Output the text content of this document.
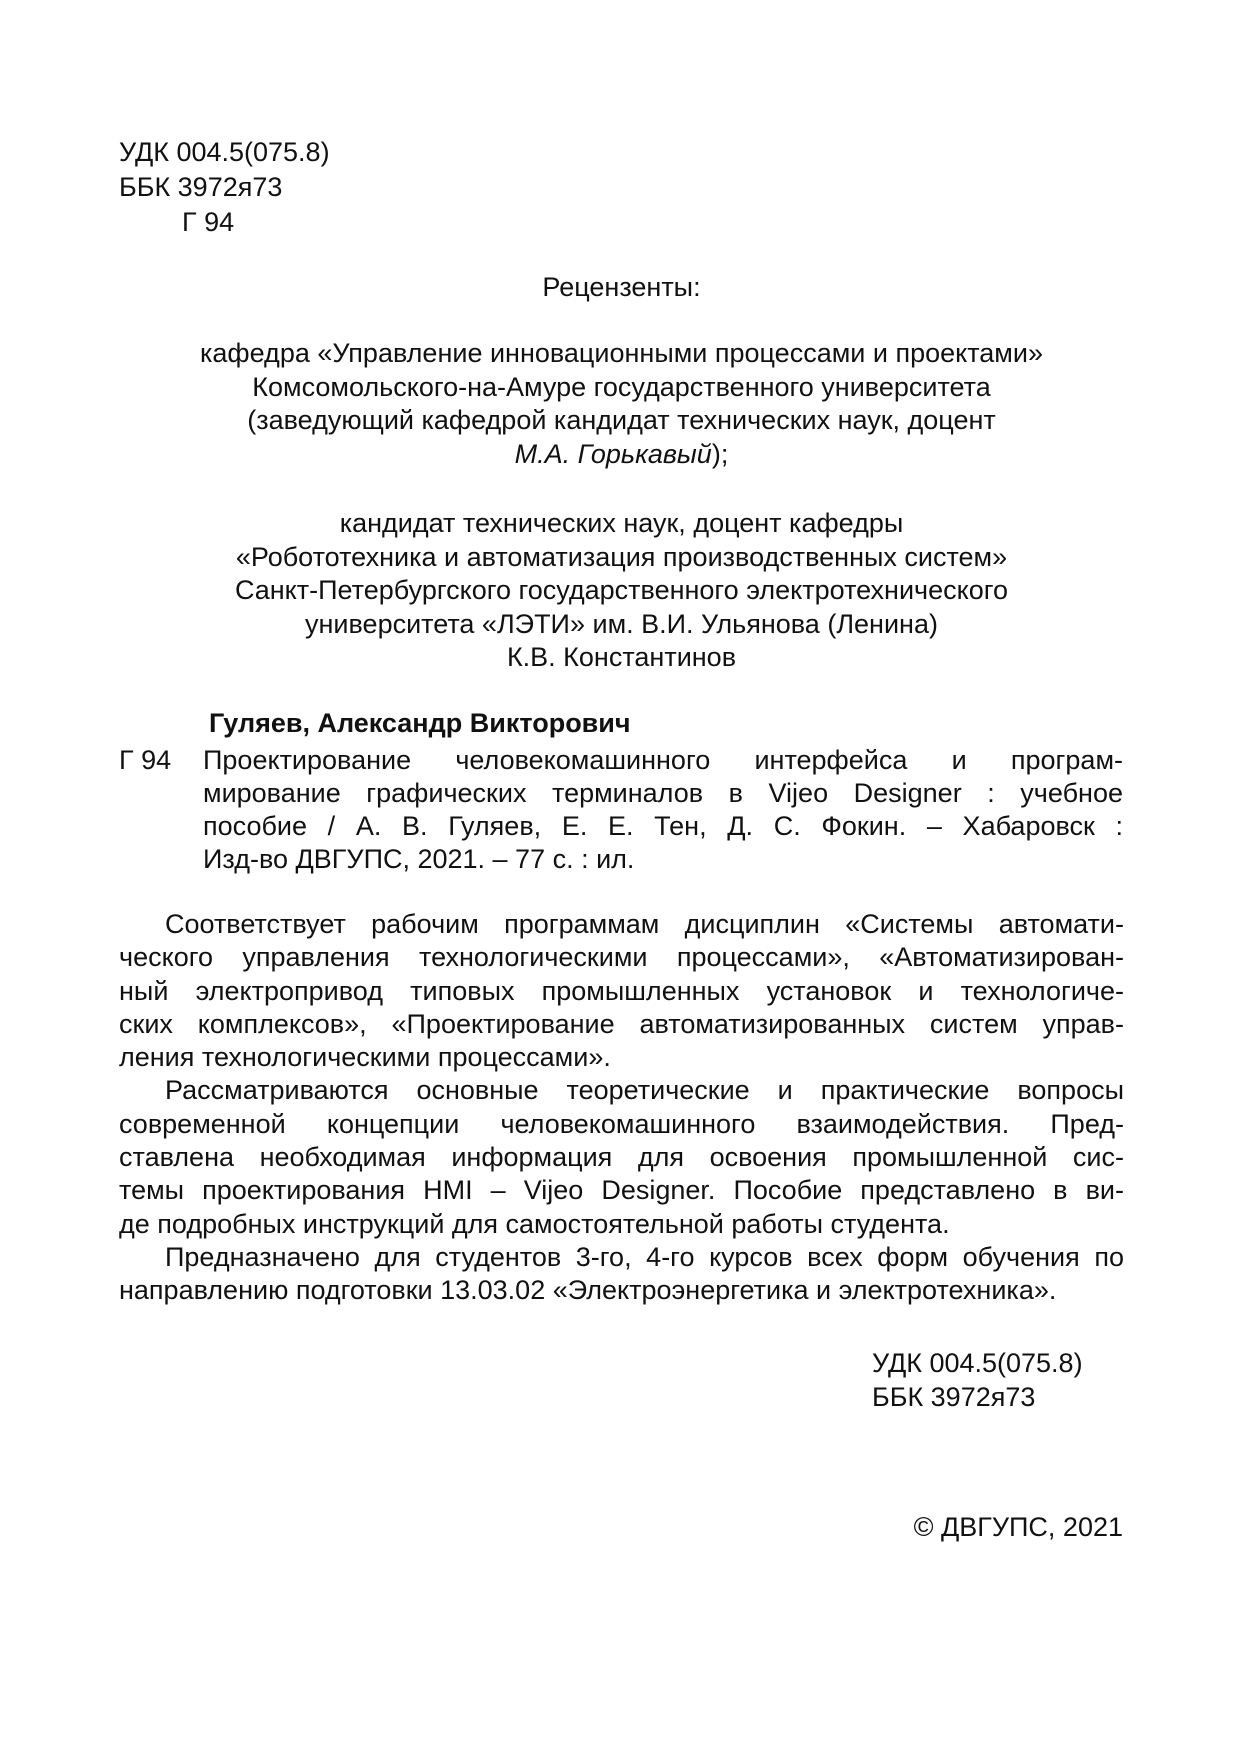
УДК 004.5(075.8)
ББК 3972я73
Г 94
Рецензенты:
кафедра «Управление инновационными процессами и проектами»
Комсомольского-на-Амуре государственного университета
(заведующий кафедрой кандидат технических наук, доцент
М.А. Горькавый);
кандидат технических наук, доцент кафедры
«Робототехника и автоматизация производственных систем»
Санкт-Петербургского государственного электротехнического
университета «ЛЭТИ» им. В.И. Ульянова (Ленина)
К.В. Константинов
Гуляев, Александр Викторович
Г 94 Проектирование человекомашинного интерфейса и програм-
мирование графических терминалов в Vijeo Designer : учебное
пособие / А. В. Гуляев, Е. Е. Тен, Д. С. Фокин. – Хабаровск :
Изд-во ДВГУПС, 2021. – 77 с. : ил.
Соответствует рабочим программам дисциплин «Системы автомати-
ческого управления технологическими процессами», «Автоматизирован-
ный электропривод типовых промышленных установок и технологиче-
ских комплексов», «Проектирование автоматизированных систем управ-
ления технологическими процессами».
Рассматриваются основные теоретические и практические вопросы
современной концепции человекомашинного взаимодействия. Пред-
ставлена необходимая информация для освоения промышленной сис-
темы проектирования HMI – Vijeo Designer. Пособие представлено в ви-
де подробных инструкций для самостоятельной работы студента.
Предназначено для студентов 3-го, 4-го курсов всех форм обучения по
направлению подготовки 13.03.02 «Электроэнергетика и электротехника».
УДК 004.5(075.8)
ББК 3972я73
© ДВГУПС, 2021
